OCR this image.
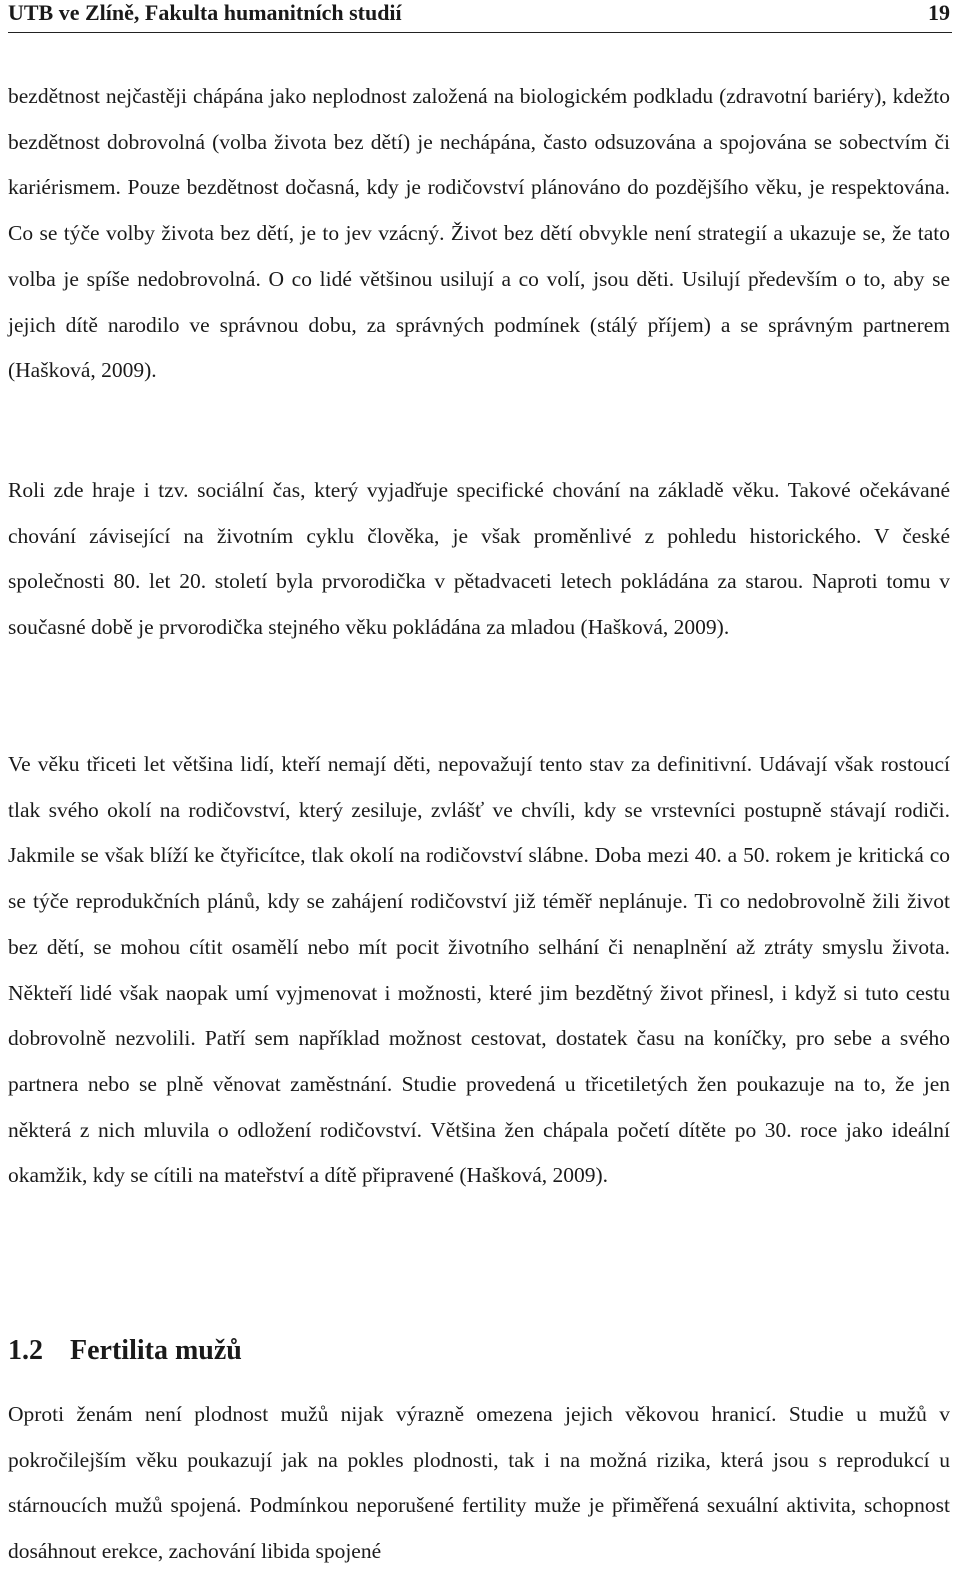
UTB ve Zlíně, Fakulta humanitních studií	19

bezdětnost nejčastěji chápána jako neplodnost založená na biologickém podkladu (zdravotní bariéry), kdežto bezdětnost dobrovolná (volba života bez dětí) je nechápána, často odsuzována a spojována se sobectvím či kariérismem. Pouze bezdětnost dočasná, kdy je rodičovství plánováno do pozdějšího věku, je respektována. Co se týče volby života bez dětí, je to jev vzácný. Život bez dětí obvykle není strategií a ukazuje se, že tato volba je spíše nedobrovolná. O co lidé většinou usilují a co volí, jsou děti. Usilují především o to, aby se jejich dítě narodilo ve správnou dobu, za správných podmínek (stálý příjem) a se správným partnerem (Hašková, 2009).

Roli zde hraje i tzv. sociální čas, který vyjadřuje specifické chování na základě věku. Takové očekávané chování závisející na životním cyklu člověka, je však proměnlivé z pohledu historického. V české společnosti 80. let 20. století byla prvorodička v pětadvaceti letech pokládána za starou. Naproti tomu v současné době je prvorodička stejného věku pokládána za mladou (Hašková, 2009).

Ve věku třiceti let většina lidí, kteří nemají děti, nepovažují tento stav za definitivní. Udávají však rostoucí tlak svého okolí na rodičovství, který zesiluje, zvlášť ve chvíli, kdy se vrstevníci postupně stávají rodiči. Jakmile se však blíží ke čtyřicítce, tlak okolí na rodičovství slábne. Doba mezi 40. a 50. rokem je kritická co se týče reprodukčních plánů, kdy se zahájení rodičovství již téměř neplánuje. Ti co nedobrovolně žili život bez dětí, se mohou cítit osamělí nebo mít pocit životního selhání či nenaplnění až ztráty smyslu života. Někteří lidé však naopak umí vyjmenovat i možnosti, které jim bezdětný život přinesl, i když si tuto cestu dobrovolně nezvolili. Patří sem například možnost cestovat, dostatek času na koníčky, pro sebe a svého partnera nebo se plně věnovat zaměstnání. Studie provedená u třicetiletých žen poukazuje na to, že jen některá z nich mluvila o odložení rodičovství. Většina žen chápala početí dítěte po 30. roce jako ideální okamžik, kdy se cítili na mateřství a dítě připravené (Hašková, 2009).

1.2 Fertilita mužů

Oproti ženám není plodnost mužů nijak výrazně omezena jejich věkovou hranicí. Studie u mužů v pokročilejším věku poukazují jak na pokles plodnosti, tak i na možná rizika, která jsou s reprodukcí u stárnoucích mužů spojená. Podmínkou neporušené fertility muže je přiměřená sexuální aktivita, schopnost dosáhnout erekce, zachování libida spojené
